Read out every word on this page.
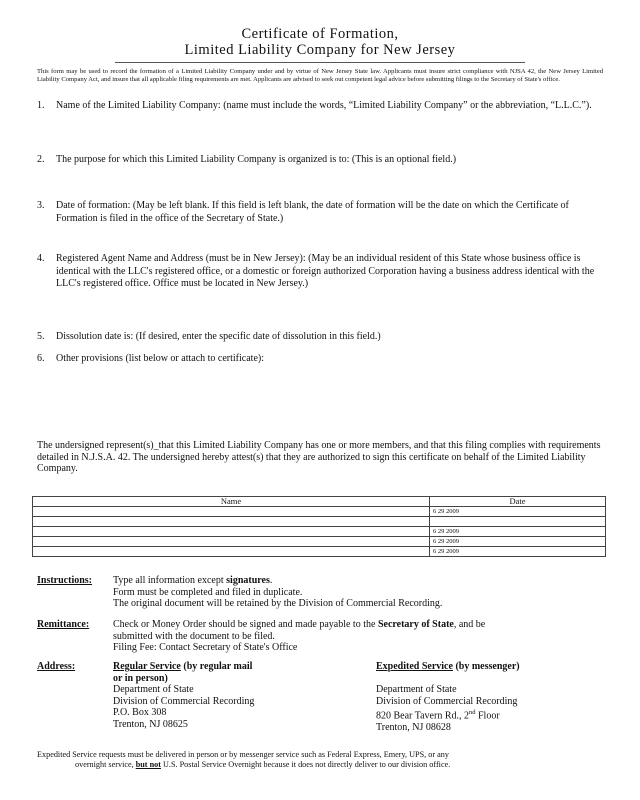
Certificate of Formation,
Limited Liability Company for New Jersey
This form may be used to record the formation of a Limited Liability Company under and by virtue of New Jersey State law. Applicants must insure strict compliance with NJSA 42, the New Jersey Limited Liability Company Act, and insure that all applicable filing requirements are met. Applicants are advised to seek out competent legal advice before submitting filings to the Secretary of State's office.
1.	Name of the Limited Liability Company: (name must include the words, “Limited Liability Company” or the abbreviation, “L.L.C.”).
2.	The purpose for which this Limited Liability Company is organized is to: (This is an optional field.)
3.	Date of formation: (May be left blank. If this field is left blank, the date of formation will be the date on which the Certificate of Formation is filed in the office of the Secretary of State.)
4.	Registered Agent Name and Address (must be in New Jersey): (May be an individual resident of this State whose business office is identical with the LLC's registered office, or a domestic or foreign authorized Corporation having a business address identical with the LLC's registered office. Office must be located in New Jersey.)
5.	Dissolution date is: (If desired, enter the specific date of dissolution in this field.)
6.	Other provisions (list below or attach to certificate):
The undersigned represent(s)_that this Limited Liability Company has one or more members, and that this filing complies with requirements detailed in N.J.S.A. 42. The undersigned hereby attest(s) that they are authorized to sign this certificate on behalf of the Limited Liability Company.
Name	Date
	6 29 2009

	6 29 2009
	6 29 2009
	6 29 2009
Instructions: Type all information except signatures.
Form must be completed and filed in duplicate.
The original document will be retained by the Division of Commercial Recording.
Remittance: Check or Money Order should be signed and made payable to the Secretary of State, and be
submitted with the document to be filed.
Filing Fee: Contact Secretary of State's Office
Address:	Regular Service (by regular mail
or in person)
Department of State
Division of Commercial Recording
P.O. Box 308
Trenton, NJ 08625
Expedited Service (by messenger)
Department of State
Division of Commercial Recording
820 Bear Tavern Rd., 2nd Floor
Trenton, NJ 08628
Expedited Service requests must be delivered in person or by messenger service such as Federal Express, Emery, UPS, or any
overnight service, but not U.S. Postal Service Overnight because it does not directly deliver to our division office.
